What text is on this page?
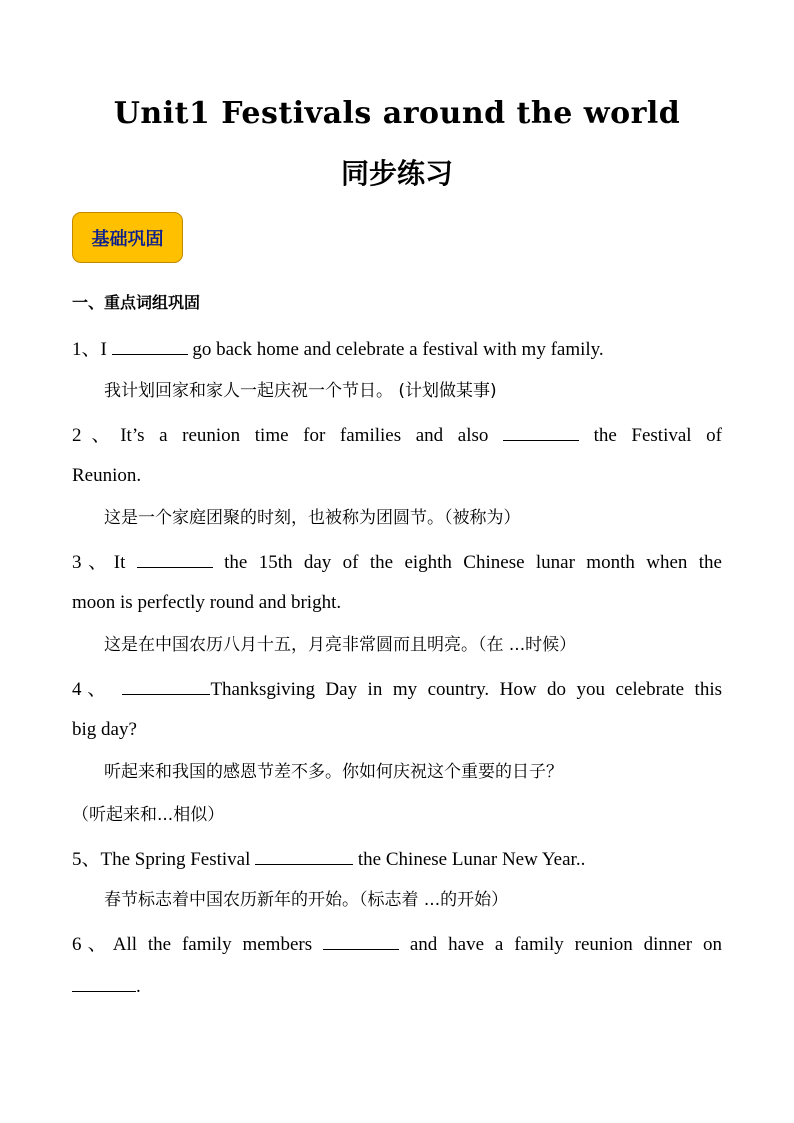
Unit1 Festivals around the world
同步练习
基础巩固
一、重点词组巩固
1、I	go back home and celebrate a festival with my family.
我计划回家和家人一起庆祝一个节日。 (计划做某事)
2、It’s a reunion time for families and also	the Festival of
Reunion.
这是一个家庭团聚的时刻，也被称为团圆节。（被称为）
3、It	the 15th day of the eighth Chinese lunar month when the
moon is perfectly round and bright.
这是在中国农历八月十五，月亮非常圆而且明亮。（在 ...时候）
4、	Thanksgiving Day in my country. How do you celebrate this
big day?
听起来和我国的感恩节差不多。你如何庆祝这个重要的日子？
（听起来和...相似）
5、The Spring Festival	the Chinese Lunar New Year..
春节标志着中国农历新年的开始。（标志着 ...的开始）
6、All the family members	and have a family reunion dinner on
.
